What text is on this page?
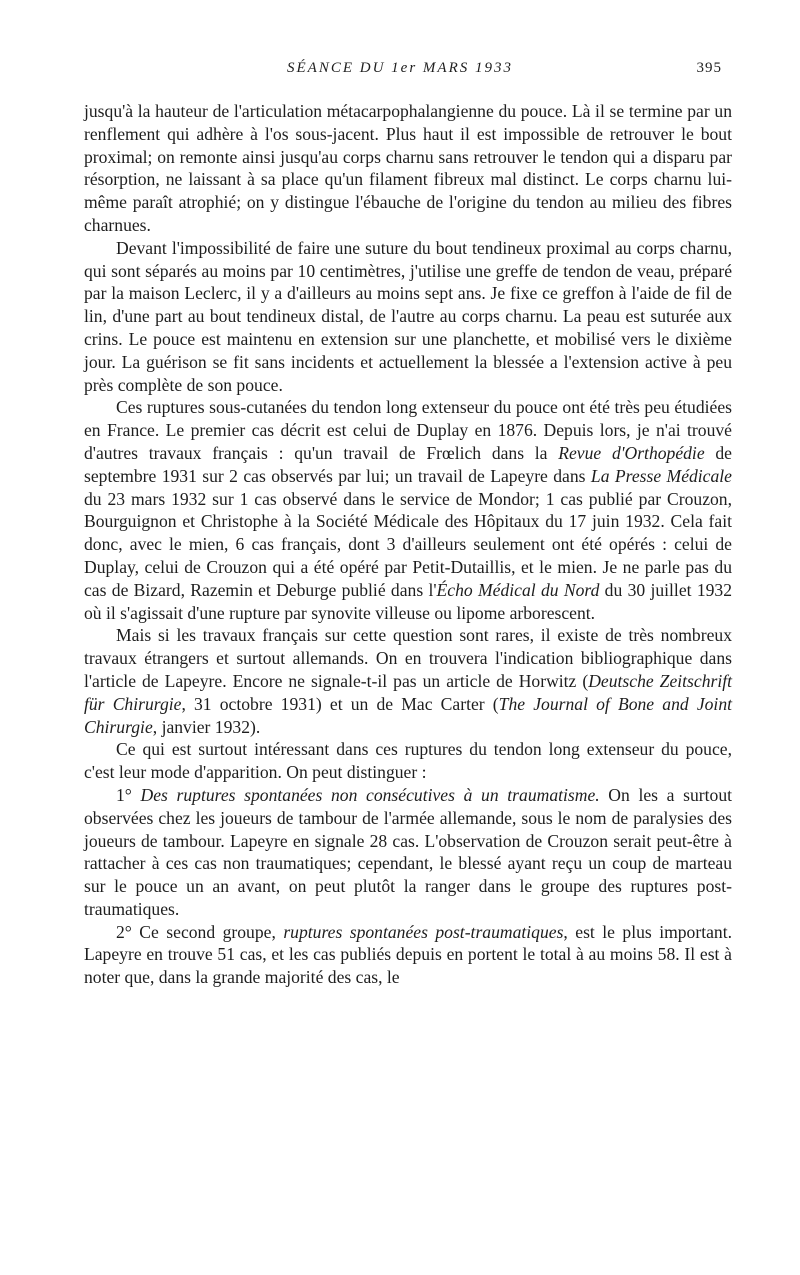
SÉANCE DU 1er MARS 1933	395

jusqu'à la hauteur de l'articulation métacarpophalangienne du pouce. Là il se termine par un renflement qui adhère à l'os sous-jacent. Plus haut il est impossible de retrouver le bout proximal; on remonte ainsi jusqu'au corps charnu sans retrouver le tendon qui a disparu par résorption, ne laissant à sa place qu'un filament fibreux mal distinct. Le corps charnu lui-même paraît atrophié; on y distingue l'ébauche de l'origine du tendon au milieu des fibres charnues.

Devant l'impossibilité de faire une suture du bout tendineux proximal au corps charnu, qui sont séparés au moins par 10 centimètres, j'utilise une greffe de tendon de veau, préparé par la maison Leclerc, il y a d'ailleurs au moins sept ans. Je fixe ce greffon à l'aide de fil de lin, d'une part au bout tendineux distal, de l'autre au corps charnu. La peau est suturée aux crins. Le pouce est maintenu en extension sur une planchette, et mobilisé vers le dixième jour. La guérison se fit sans incidents et actuellement la blessée a l'extension active à peu près complète de son pouce.

Ces ruptures sous-cutanées du tendon long extenseur du pouce ont été très peu étudiées en France. Le premier cas décrit est celui de Duplay en 1876. Depuis lors, je n'ai trouvé d'autres travaux français : qu'un travail de Frœlich dans la Revue d'Orthopédie de septembre 1931 sur 2 cas observés par lui; un travail de Lapeyre dans La Presse Médicale du 23 mars 1932 sur 1 cas observé dans le service de Mondor; 1 cas publié par Crouzon, Bourguignon et Christophe à la Société Médicale des Hôpitaux du 17 juin 1932. Cela fait donc, avec le mien, 6 cas français, dont 3 d'ailleurs seulement ont été opérés : celui de Duplay, celui de Crouzon qui a été opéré par Petit-Dutaillis, et le mien. Je ne parle pas du cas de Bizard, Razemin et Deburge publié dans l'Écho Médical du Nord du 30 juillet 1932 où il s'agissait d'une rupture par synovite villeuse ou lipome arborescent.

Mais si les travaux français sur cette question sont rares, il existe de très nombreux travaux étrangers et surtout allemands. On en trouvera l'indication bibliographique dans l'article de Lapeyre. Encore ne signale-t-il pas un article de Horwitz (Deutsche Zeitschrift für Chirurgie, 31 octobre 1931) et un de Mac Carter (The Journal of Bone and Joint Chirurgie, janvier 1932).

Ce qui est surtout intéressant dans ces ruptures du tendon long extenseur du pouce, c'est leur mode d'apparition. On peut distinguer :

1° Des ruptures spontanées non consécutives à un traumatisme. On les a surtout observées chez les joueurs de tambour de l'armée allemande, sous le nom de paralysies des joueurs de tambour. Lapeyre en signale 28 cas. L'observation de Crouzon serait peut-être à rattacher à ces cas non traumatiques; cependant, le blessé ayant reçu un coup de marteau sur le pouce un an avant, on peut plutôt la ranger dans le groupe des ruptures post-traumatiques.

2° Ce second groupe, ruptures spontanées post-traumatiques, est le plus important. Lapeyre en trouve 51 cas, et les cas publiés depuis en portent le total à au moins 58. Il est à noter que, dans la grande majorité des cas, le
